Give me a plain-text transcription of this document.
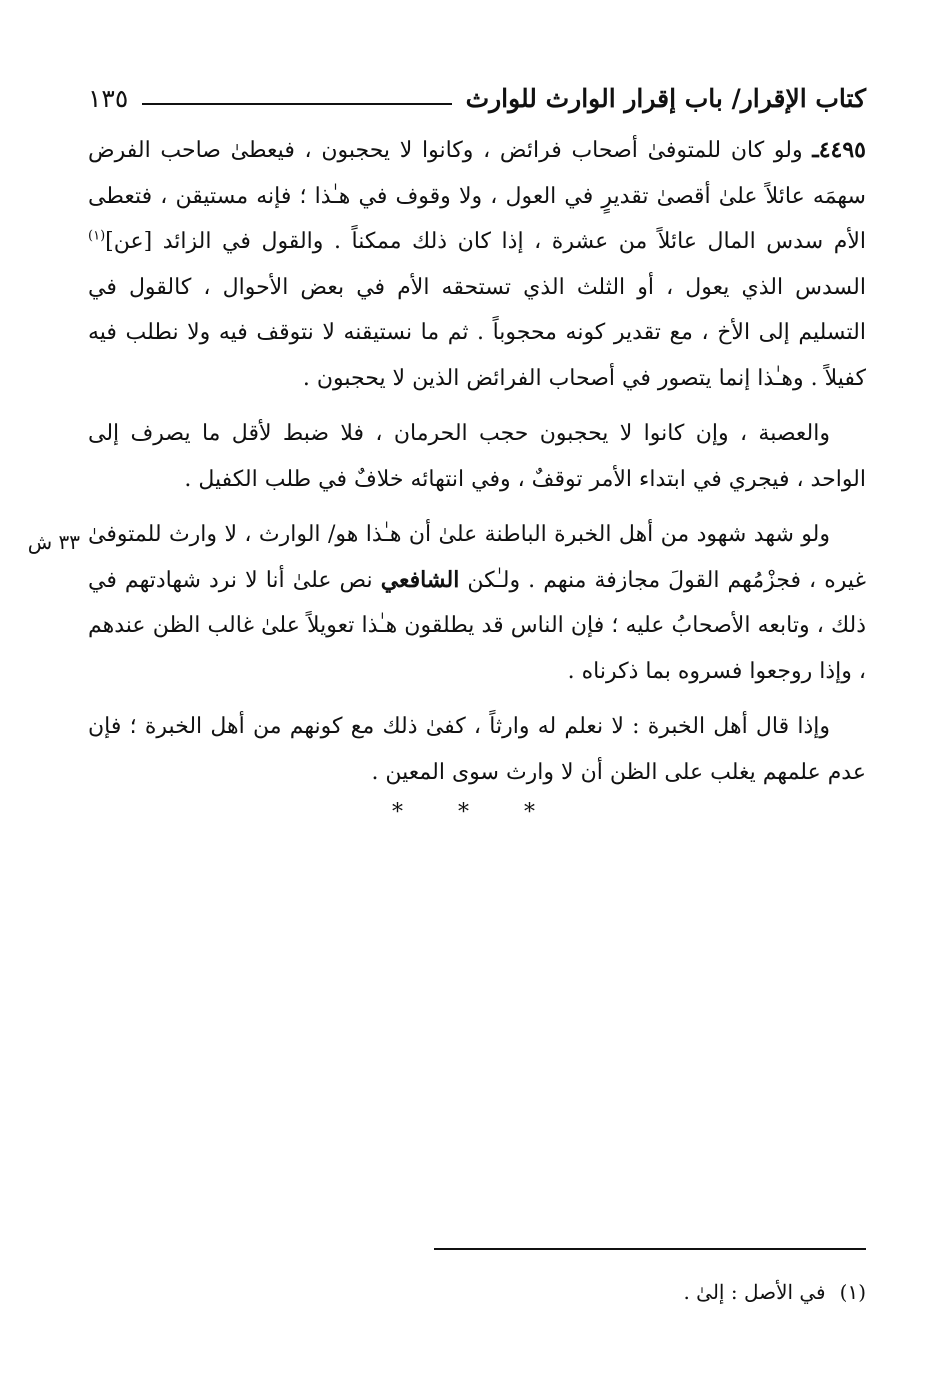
كتاب الإقرار/ باب إقرار الوارث للوارث
١٣٥

٤٤٩٥ـ ولو كان للمتوفىٰ أصحاب فرائض ، وكانوا لا يحجبون ، فيعطىٰ صاحب الفرض سهمَه عائلاً علىٰ أقصىٰ تقديرٍ في العول ، ولا وقوف في هـٰذا ؛ فإنه مستيقن ، فتعطى الأم سدس المال عائلاً من عشرة ، إذا كان ذلك ممكناً . والقول في الزائد [عن]$^{(١)}$ السدس الذي يعول ، أو الثلث الذي تستحقه الأم في بعض الأحوال ، كالقول في التسليم إلى الأخ ، مع تقدير كونه محجوباً . ثم ما نستيقنه لا نتوقف فيه ولا نطلب فيه كفيلاً . وهـٰذا إنما يتصور في أصحاب الفرائض الذين لا يحجبون .

والعصبة ، وإن كانوا لا يحجبون حجب الحرمان ، فلا ضبط لأقل ما يصرف إلى الواحد ، فيجري في ابتداء الأمر توقفٌ ، وفي انتهائه خلافٌ في طلب الكفيل .

ولو شهد شهود من أهل الخبرة الباطنة علىٰ أن هـٰذا هو/ الوارث ، لا وارث للمتوفىٰ غيره ، فجزْمُهم القولَ مجازفة منهم . ولـٰكن الشافعي نص علىٰ أنا لا نرد شهادتهم في ذلك ، وتابعه الأصحابُ عليه ؛ فإن الناس قد يطلقون هـٰذا تعويلاً علىٰ غالب الظن عندهم ، وإذا روجعوا فسروه بما ذكرناه .

وإذا قال أهل الخبرة : لا نعلم له وارثاً ، كفىٰ ذلك مع كونهم من أهل الخبرة ؛ فإن عدم علمهم يغلب على الظن أن لا وارث سوى المعين .

٣٣ ش
* * *
(١)في الأصل : إلىٰ .
